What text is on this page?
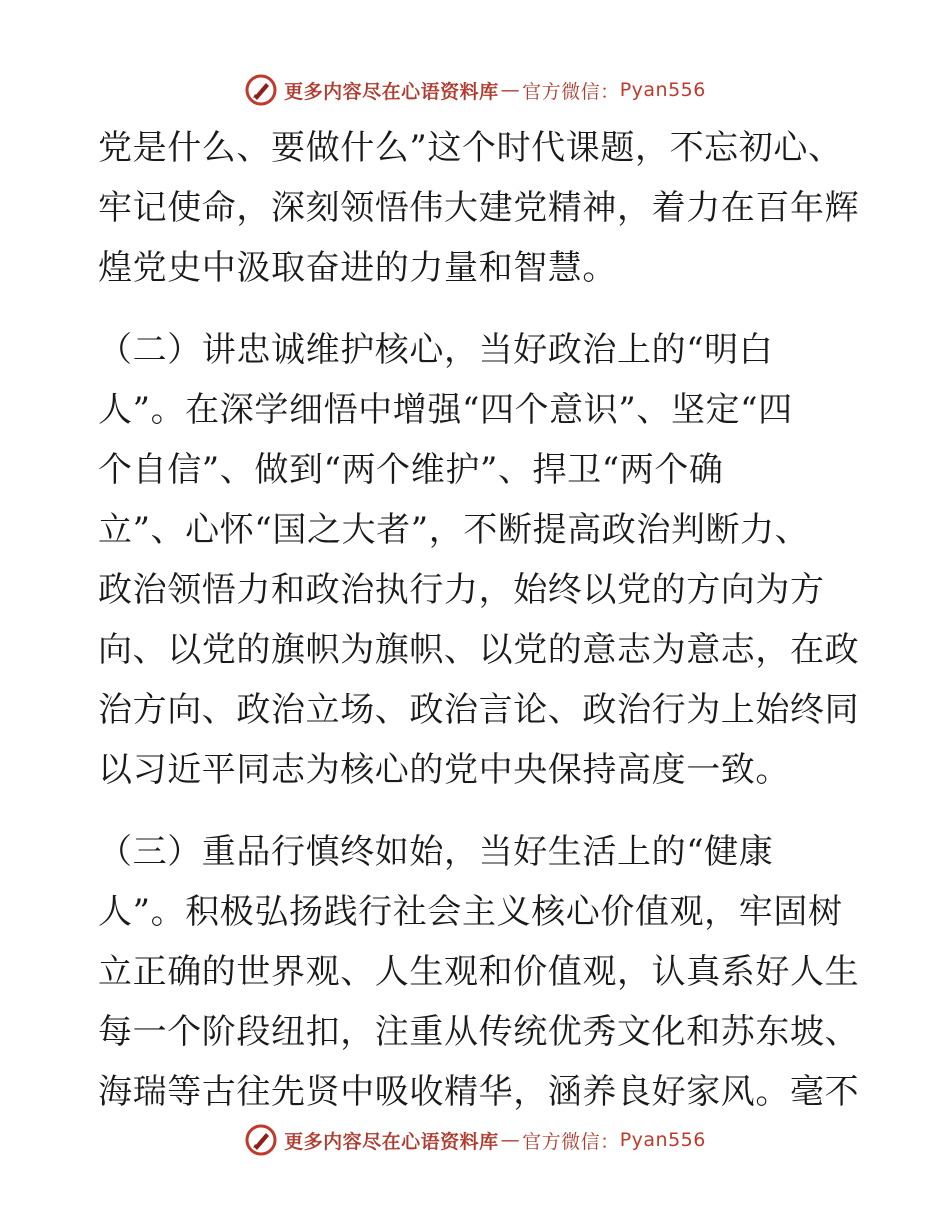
更多内容尽在心语资料库 — 官方微信： Pyan556
党是什么、要做什么”这个时代课题，不忘初心、
牢记使命，深刻领悟伟大建党精神，着力在百年辉
煌党史中汲取奋进的力量和智慧。
（二）讲忠诚维护核心，当好政治上的“明白
人”。在深学细悟中增强“四个意识”、坚定“四
个自信”、做到“两个维护”、捍卫“两个确
立”、心怀“国之大者”，不断提高政治判断力、
政治领悟力和政治执行力，始终以党的方向为方
向、以党的旗帜为旗帜、以党的意志为意志，在政
治方向、政治立场、政治言论、政治行为上始终同
以习近平同志为核心的党中央保持高度一致。
（三）重品行慎终如始，当好生活上的“健康
人”。积极弘扬践行社会主义核心价值观，牢固树
立正确的世界观、人生观和价值观，认真系好人生
每一个阶段纽扣，注重从传统优秀文化和苏东坡、
海瑞等古往先贤中吸收精华，涵养良好家风。毫不
更多内容尽在心语资料库 — 官方微信： Pyan556
